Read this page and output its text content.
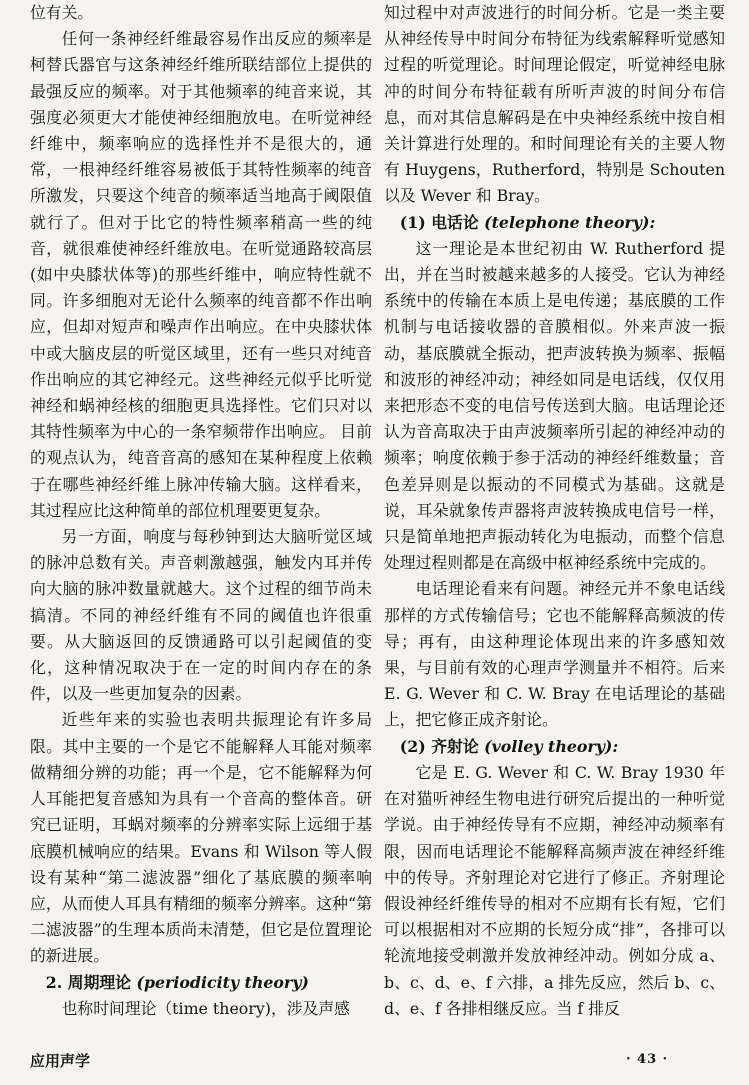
位有关。

任何一条神经纤维最容易作出反应的频率是柯替氏器官与这条神经纤维所联结部位上提供的最强反应的频率。对于其他频率的纯音来说，其强度必须更大才能使神经细胞放电。在听觉神经纤维中，频率响应的选择性并不是很大的，通常，一根神经纤维容易被低于其特性频率的纯音所激发，只要这个纯音的频率适当地高于阈限值就行了。但对于比它的特性频率稍高一些的纯音，就很难使神经纤维放电。在听觉通路较高层(如中央膝状体等)的那些纤维中，响应特性就不同。许多细胞对无论什么频率的纯音都不作出响应，但却对短声和噪声作出响应。在中央膝状体中或大脑皮层的听觉区域里，还有一些只对纯音作出响应的其它神经元。这些神经元似乎比听觉神经和蜗神经核的细胞更具选择性。它们只对以其特性频率为中心的一条窄频带作出响应。 目前的观点认为，纯音音高的感知在某种程度上依赖于在哪些神经纤维上脉冲传输大脑。这样看来，其过程应比这种简单的部位机理要更复杂。

另一方面，响度与每秒钟到达大脑听觉区域的脉冲总数有关。声音刺激越强，触发内耳并传向大脑的脉冲数量就越大。这个过程的细节尚未搞清。不同的神经纤维有不同的阈值也许很重要。从大脑返回的反馈通路可以引起阈值的变化，这种情况取决于在一定的时间内存在的条件，以及一些更加复杂的因素。

近些年来的实验也表明共振理论有许多局限。其中主要的一个是它不能解释人耳能对频率做精细分辨的功能；再一个是，它不能解释为何人耳能把复音感知为具有一个音高的整体音。研究已证明，耳蜗对频率的分辨率实际上远细于基底膜机械响应的结果。Evans 和 Wilson 等人假设有某种“第二滤波器”细化了基底膜的频率响应，从而使人耳具有精细的频率分辨率。这种“第二滤波器”的生理本质尚未清楚，但它是位置理论的新进展。

2. 周期理论 (periodicity theory)

也称时间理论（time theory)，涉及声感

知过程中对声波进行的时间分析。它是一类主要从神经传导中时间分布特征为线索解释听觉感知过程的听觉理论。时间理论假定，听觉神经电脉冲的时间分布特征载有所听声波的时间分布信息，而对其信息解码是在中央神经系统中按自相关计算进行处理的。和时间理论有关的主要人物有 Huygens，Rutherford，特别是 Schouten 以及 Wever 和 Bray。

(1) 电话论 (telephone theory):

这一理论是本世纪初由 W. Rutherford 提出，并在当时被越来越多的人接受。它认为神经系统中的传输在本质上是电传递；基底膜的工作机制与电话接收器的音膜相似。外来声波一振动，基底膜就全振动，把声波转换为频率、振幅和波形的神经冲动；神经如同是电话线，仅仅用来把形态不变的电信号传送到大脑。电话理论还认为音高取决于由声波频率所引起的神经冲动的频率；响度依赖于参于活动的神经纤维数量；音色差异则是以振动的不同模式为基础。这就是说，耳朵就象传声器将声波转换成电信号一样，只是简单地把声振动转化为电振动，而整个信息处理过程则都是在高级中枢神经系统中完成的。

电话理论看来有问题。神经元并不象电话线那样的方式传输信号；它也不能解释高频波的传导；再有，由这种理论体现出来的许多感知效果，与目前有效的心理声学测量并不相符。后来 E. G. Wever 和 C. W. Bray 在电话理论的基础上，把它修正成齐射论。

(2) 齐射论 (volley theory):

它是 E. G. Wever 和 C. W. Bray 1930 年在对猫听神经生物电进行研究后提出的一种听觉学说。由于神经传导有不应期，神经冲动频率有限，因而电话理论不能解释高频声波在神经纤维中的传导。齐射理论对它进行了修正。齐射理论假设神经纤维传导的相对不应期有长有短，它们可以根据相对不应期的长短分成“排”，各排可以轮流地接受刺激并发放神经冲动。例如分成 a、b、c、d、e、f 六排，a 排先反应，然后 b、c、d、e、f 各排相继反应。当 f 排反

应用声学	· 43 ·
